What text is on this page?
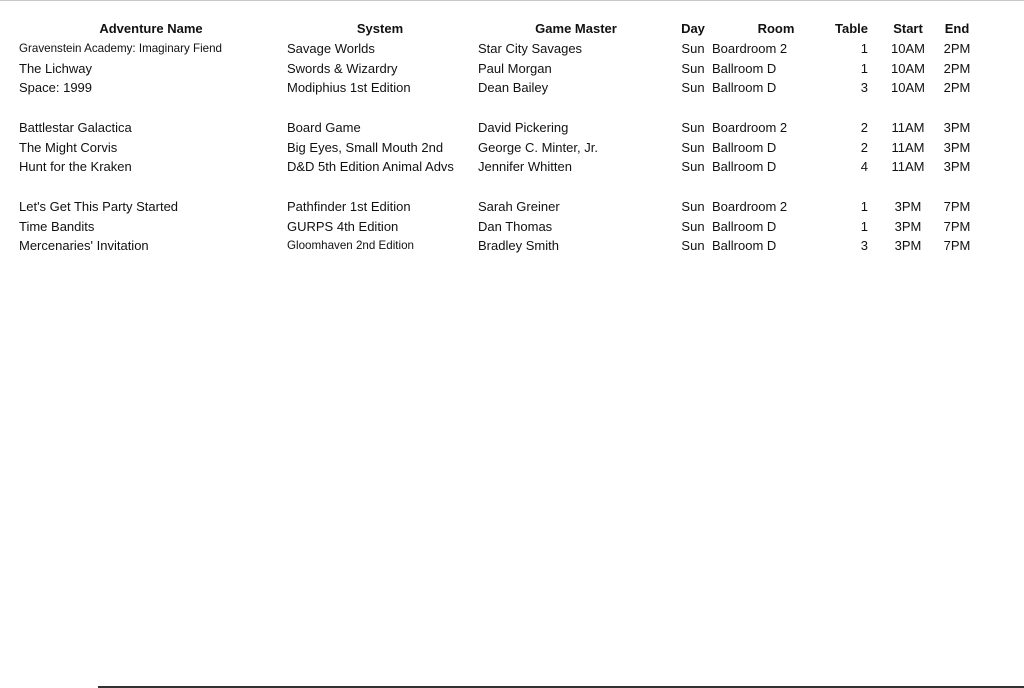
Adventure Name	System	Game Master	Day	Room	Table	Start	End
Gravenstein Academy: Imaginary Fiend	Savage Worlds	Star City Savages	Sun Boardroom 2	1	10AM	2PM
The Lichway	Swords & Wizardry	Paul Morgan	Sun Ballroom D	1	10AM	2PM
Space: 1999	Modiphius 1st Edition	Dean Bailey	Sun Ballroom D	3	10AM	2PM
Battlestar Galactica	Board Game	David Pickering	Sun Boardroom 2	2	11AM	3PM
The Might Corvis	Big Eyes, Small Mouth 2nd	George C. Minter, Jr.	Sun Ballroom D	2	11AM	3PM
Hunt for the Kraken	D&D 5th Edition Animal Advs	Jennifer Whitten	Sun Ballroom D	4	11AM	3PM
Let's Get This Party Started	Pathfinder 1st Edition	Sarah Greiner	Sun Boardroom 2	1	3PM	7PM
Time Bandits	GURPS 4th Edition	Dan Thomas	Sun Ballroom D	1	3PM	7PM
Mercenaries' Invitation	Gloomhaven 2nd Edition	Bradley Smith	Sun Ballroom D	3	3PM	7PM
